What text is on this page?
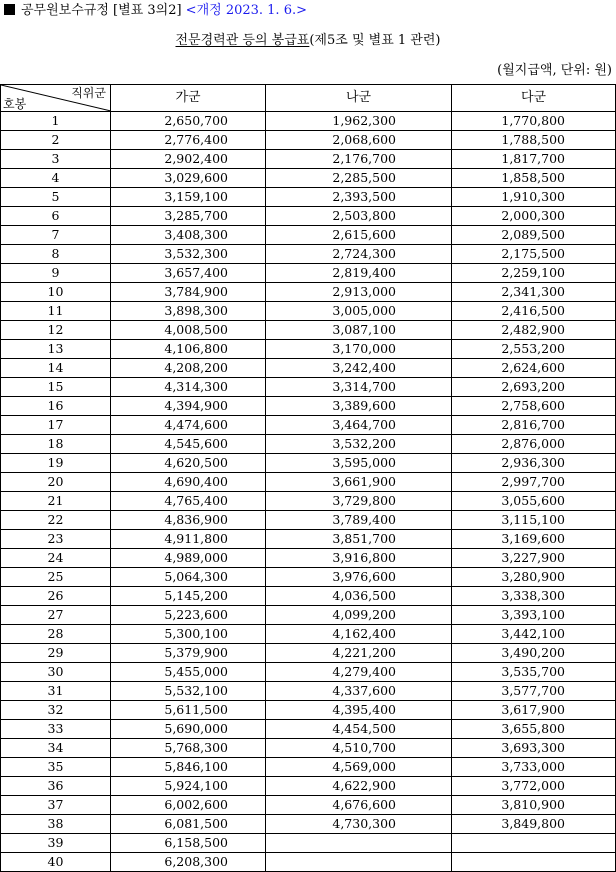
공무원보수규정 [별표 3의2] <개정 2023. 1. 6.>
전문경력관 등의 봉급표(제5조 및 별표 1 관련)
(월지급액, 단위: 원)
직위군
호봉	가군	나군	다군
1	2,650,700	1,962,300	1,770,800
2	2,776,400	2,068,600	1,788,500
3	2,902,400	2,176,700	1,817,700
4	3,029,600	2,285,500	1,858,500
5	3,159,100	2,393,500	1,910,300
6	3,285,700	2,503,800	2,000,300
7	3,408,300	2,615,600	2,089,500
8	3,532,300	2,724,300	2,175,500
9	3,657,400	2,819,400	2,259,100
10	3,784,900	2,913,000	2,341,300
11	3,898,300	3,005,000	2,416,500
12	4,008,500	3,087,100	2,482,900
13	4,106,800	3,170,000	2,553,200
14	4,208,200	3,242,400	2,624,600
15	4,314,300	3,314,700	2,693,200
16	4,394,900	3,389,600	2,758,600
17	4,474,600	3,464,700	2,816,700
18	4,545,600	3,532,200	2,876,000
19	4,620,500	3,595,000	2,936,300
20	4,690,400	3,661,900	2,997,700
21	4,765,400	3,729,800	3,055,600
22	4,836,900	3,789,400	3,115,100
23	4,911,800	3,851,700	3,169,600
24	4,989,000	3,916,800	3,227,900
25	5,064,300	3,976,600	3,280,900
26	5,145,200	4,036,500	3,338,300
27	5,223,600	4,099,200	3,393,100
28	5,300,100	4,162,400	3,442,100
29	5,379,900	4,221,200	3,490,200
30	5,455,000	4,279,400	3,535,700
31	5,532,100	4,337,600	3,577,700
32	5,611,500	4,395,400	3,617,900
33	5,690,000	4,454,500	3,655,800
34	5,768,300	4,510,700	3,693,300
35	5,846,100	4,569,000	3,733,000
36	5,924,100	4,622,900	3,772,000
37	6,002,600	4,676,600	3,810,900
38	6,081,500	4,730,300	3,849,800
39	6,158,500		
40	6,208,300		
